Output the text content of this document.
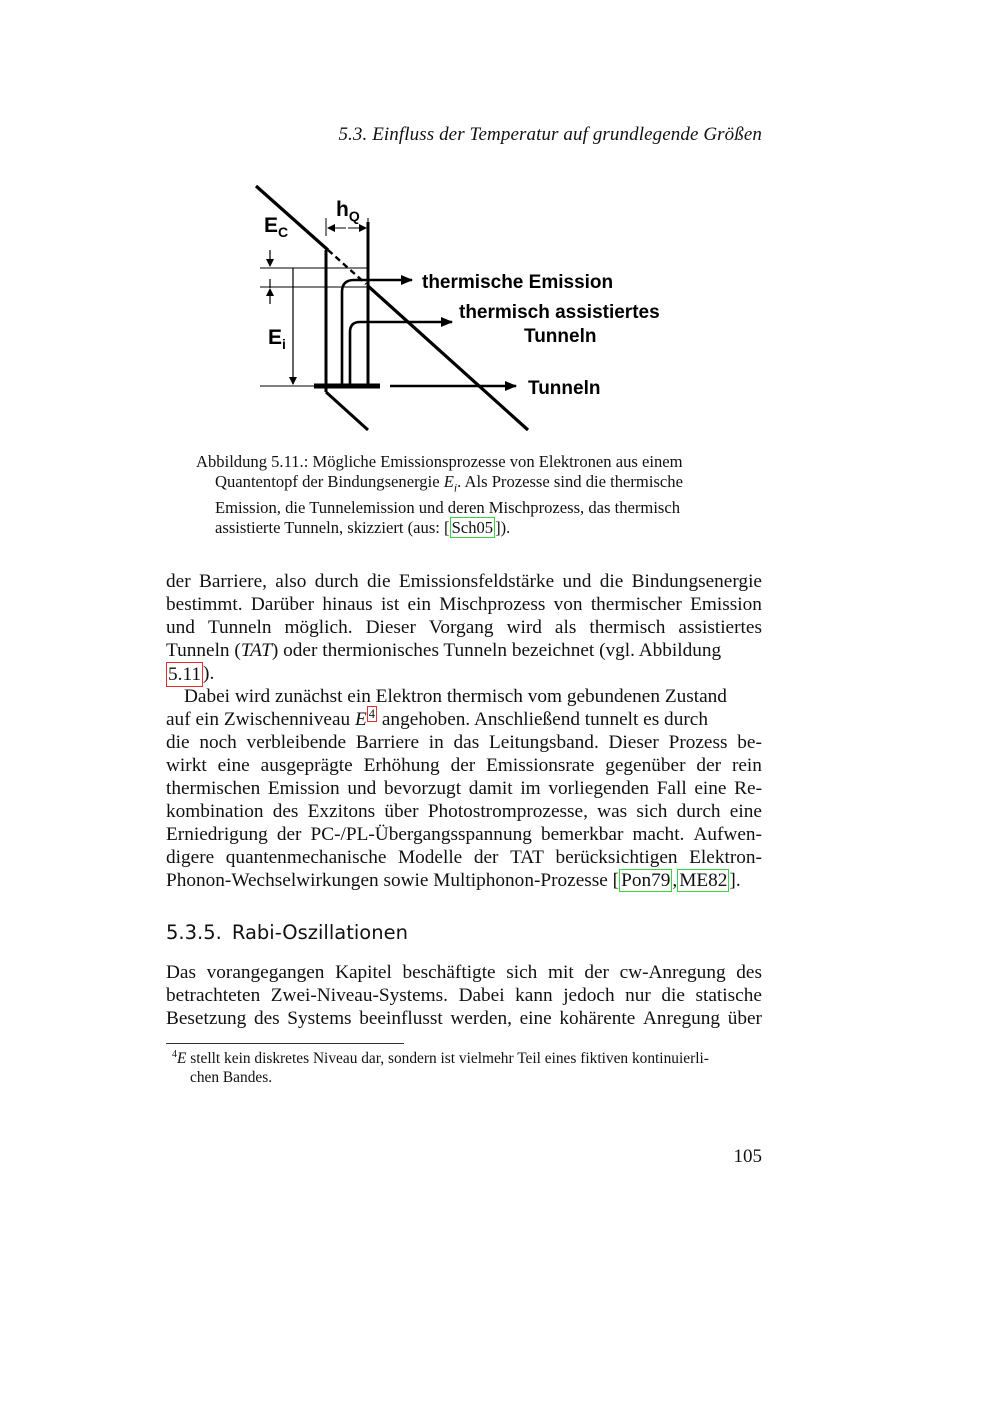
5.3. Einfluss der Temperatur auf grundlegende Größen
$E_C$
$h_Q$
$E_i$
thermische Emission
thermisch assistiertes
Tunneln
Tunneln
Abbildung 5.11.: Mögliche Emissionsprozesse von Elektronen aus einem
Quantentopf der Bindungsenergie $E_i$. Als Prozesse sind die thermische
Emission, die Tunnelemission und deren Mischprozess, das thermisch
assistierte Tunneln, skizziert (aus: [ Sch05 ]).
der Barriere, also durch die Emissionsfeldstärke und die Bindungsenergie
bestimmt. Darüber hinaus ist ein Mischprozess von thermischer Emission
und Tunneln möglich. Dieser Vorgang wird als thermisch assistiertes
Tunneln (TAT) oder thermionisches Tunneln bezeichnet (vgl. Abbildung
5.11 ).
Dabei wird zunächst ein Elektron thermisch vom gebundenen Zustand
auf ein Zwischenniveau E $^4$ angehoben. Anschließend tunnelt es durch
die noch verbleibende Barriere in das Leitungsband. Dieser Prozess be-
wirkt eine ausgeprägte Erhöhung der Emissionsrate gegenüber der rein
thermischen Emission und bevorzugt damit im vorliegenden Fall eine Re-
kombination des Exzitons über Photostromprozesse, was sich durch eine
Erniedrigung der PC-/PL-Übergangsspannung bemerkbar macht. Aufwen-
digere quantenmechanische Modelle der TAT berücksichtigen Elektron-
Phonon-Wechselwirkungen sowie Multiphonon-Prozesse [ Pon79 , ME82 ].
5.3.5. Rabi-Oszillationen
Das vorangegangen Kapitel beschäftigte sich mit der cw-Anregung des
betrachteten Zwei-Niveau-Systems. Dabei kann jedoch nur die statische
Besetzung des Systems beeinflusst werden, eine kohärente Anregung über
$^4$E stellt kein diskretes Niveau dar, sondern ist vielmehr Teil eines fiktiven kontinuierli-
chen Bandes.
105
